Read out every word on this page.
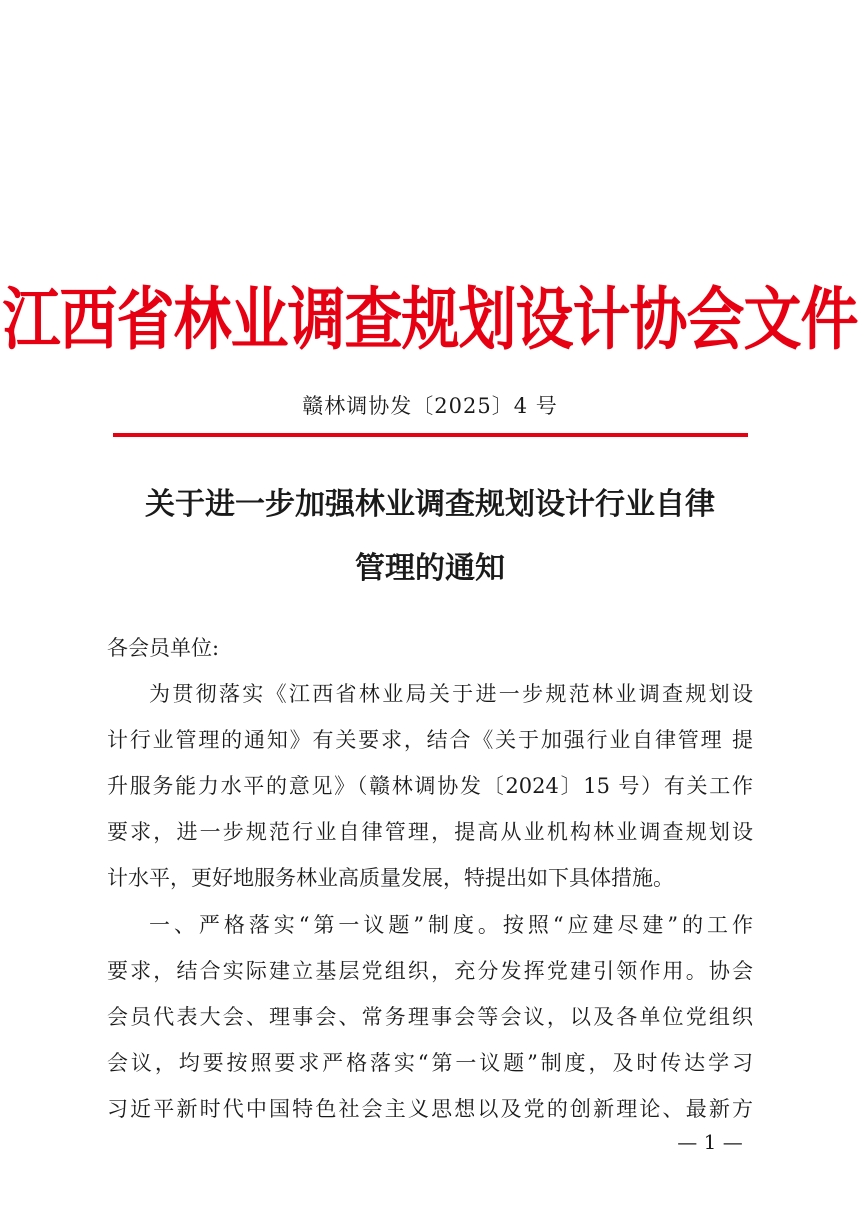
江西省林业调查规划设计协会文件
赣林调协发〔2025〕4 号
关于进一步加强林业调查规划设计行业自律
管理的通知
各会员单位:
为贯彻落实《江西省林业局关于进一步规范林业调查规划设
计行业管理的通知》有关要求，结合《关于加强行业自律管理 提
升服务能力水平的意见》（赣林调协发〔2024〕15 号）有关工作
要求，进一步规范行业自律管理，提高从业机构林业调查规划设
计水平，更好地服务林业高质量发展，特提出如下具体措施。
一、严格落实“第一议题”制度。按照“应建尽建”的工作
要求，结合实际建立基层党组织，充分发挥党建引领作用。协会
会员代表大会、理事会、常务理事会等会议，以及各单位党组织
会议，均要按照要求严格落实“第一议题”制度，及时传达学习
习近平新时代中国特色社会主义思想以及党的创新理论、最新方
— 1 —
